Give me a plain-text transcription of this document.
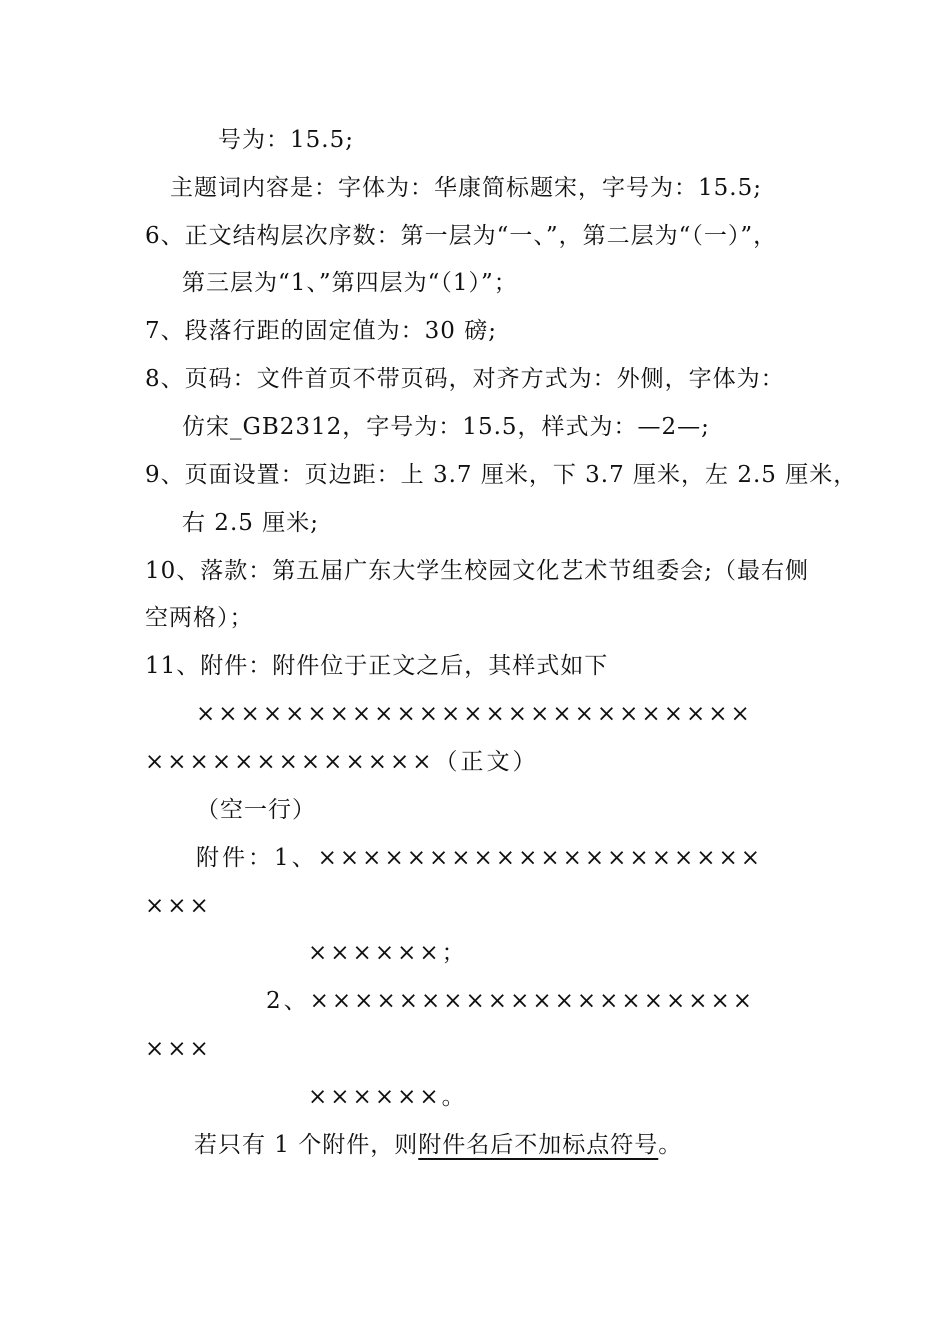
号为：15.5;
主题词内容是：字体为：华康简标题宋，字号为：15.5;
6、正文结构层次序数：第一层为“一、”，第二层为“（一）”，
第三层为“1、”第四层为“（1）”；
7、段落行距的固定值为：30 磅;
8、页码：文件首页不带页码，对齐方式为：外侧，字体为：
仿宋_GB2312，字号为：15.5，样式为：—2—;
9、页面设置：页边距：上 3.7 厘米，下 3.7 厘米，左 2.5 厘米，
右 2.5 厘米;
10、落款：第五届广东大学生校园文化艺术节组委会;（最右侧
空两格）；
11、附件：附件位于正文之后，其样式如下
×××××××××××××××××××××××××
×××××××××××××（正文）
（空一行）
附件：1、××××××××××××××××××××
×××
××××××；
2、××××××××××××××××××××
×××
××××××。
若只有 1 个附件，则附件名后不加标点符号。
